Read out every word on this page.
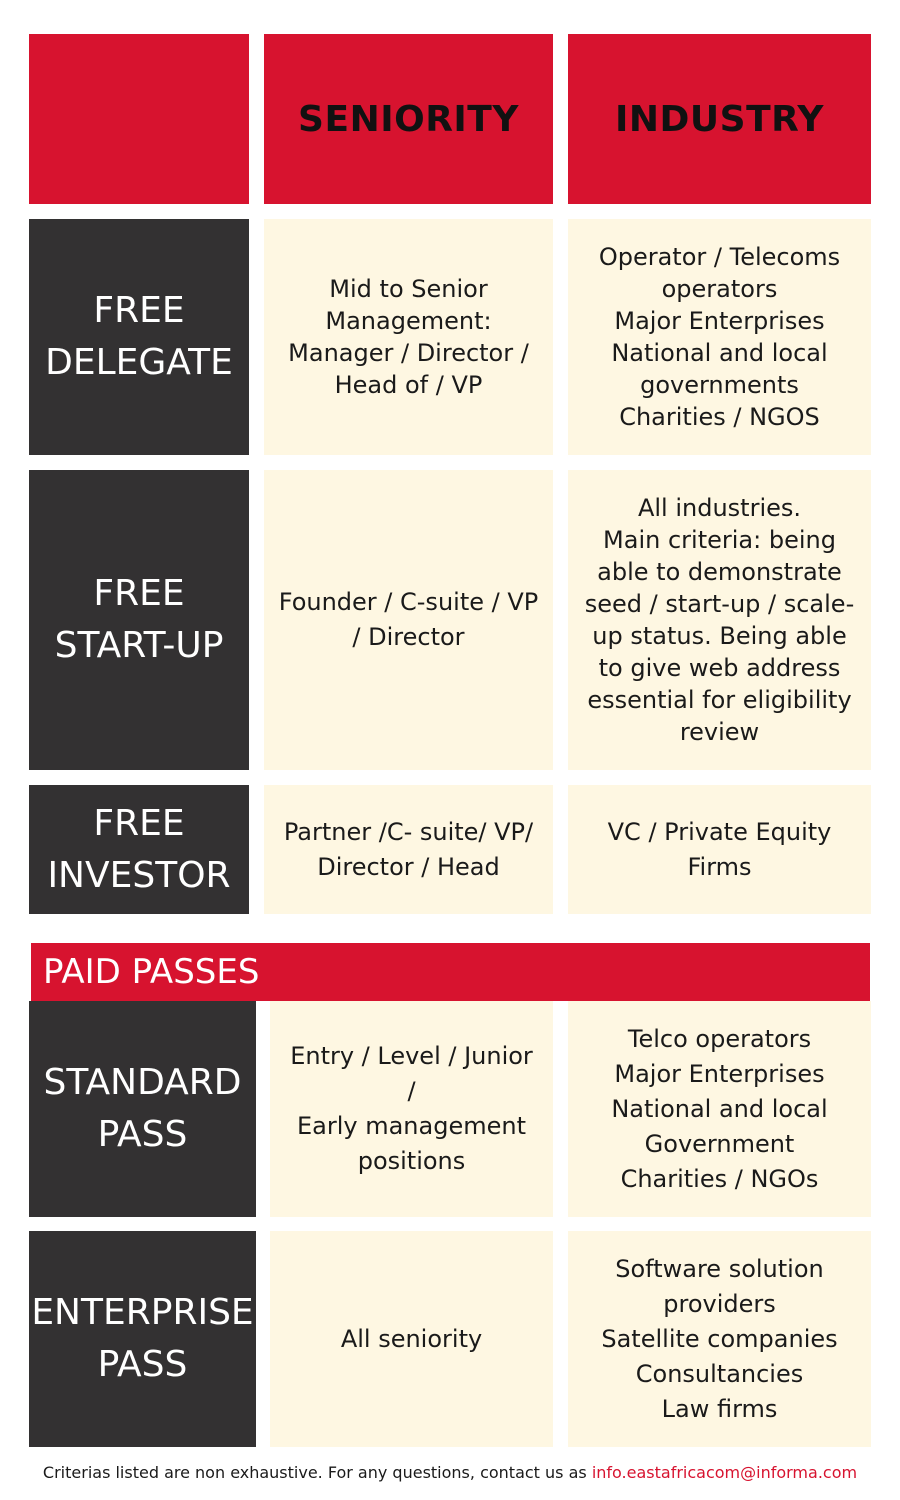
SENIORITY	INDUSTRY
FREE
DELEGATE
Mid to Senior
Management:
Manager / Director /
Head of / VP
Operator / Telecoms
operators
Major Enterprises
National and local
governments
Charities / NGOS
FREE
START-UP
Founder / C-suite / VP
/ Director
All industries.
Main criteria: being
able to demonstrate
seed / start-up / scale-
up status. Being able
to give web address
essential for eligibility
review
FREE
INVESTOR
Partner /C- suite/ VP/
Director / Head
VC / Private Equity
Firms
PAID PASSES
STANDARD
PASS
Entry / Level / Junior /
Early management
positions
Telco operators
Major Enterprises
National and local
Government
Charities / NGOs
ENTERPRISE
PASS
All seniority
Software solution
providers
Satellite companies
Consultancies
Law firms
Criterias listed are non exhaustive. For any questions, contact us as info.eastafricacom@informa.com
